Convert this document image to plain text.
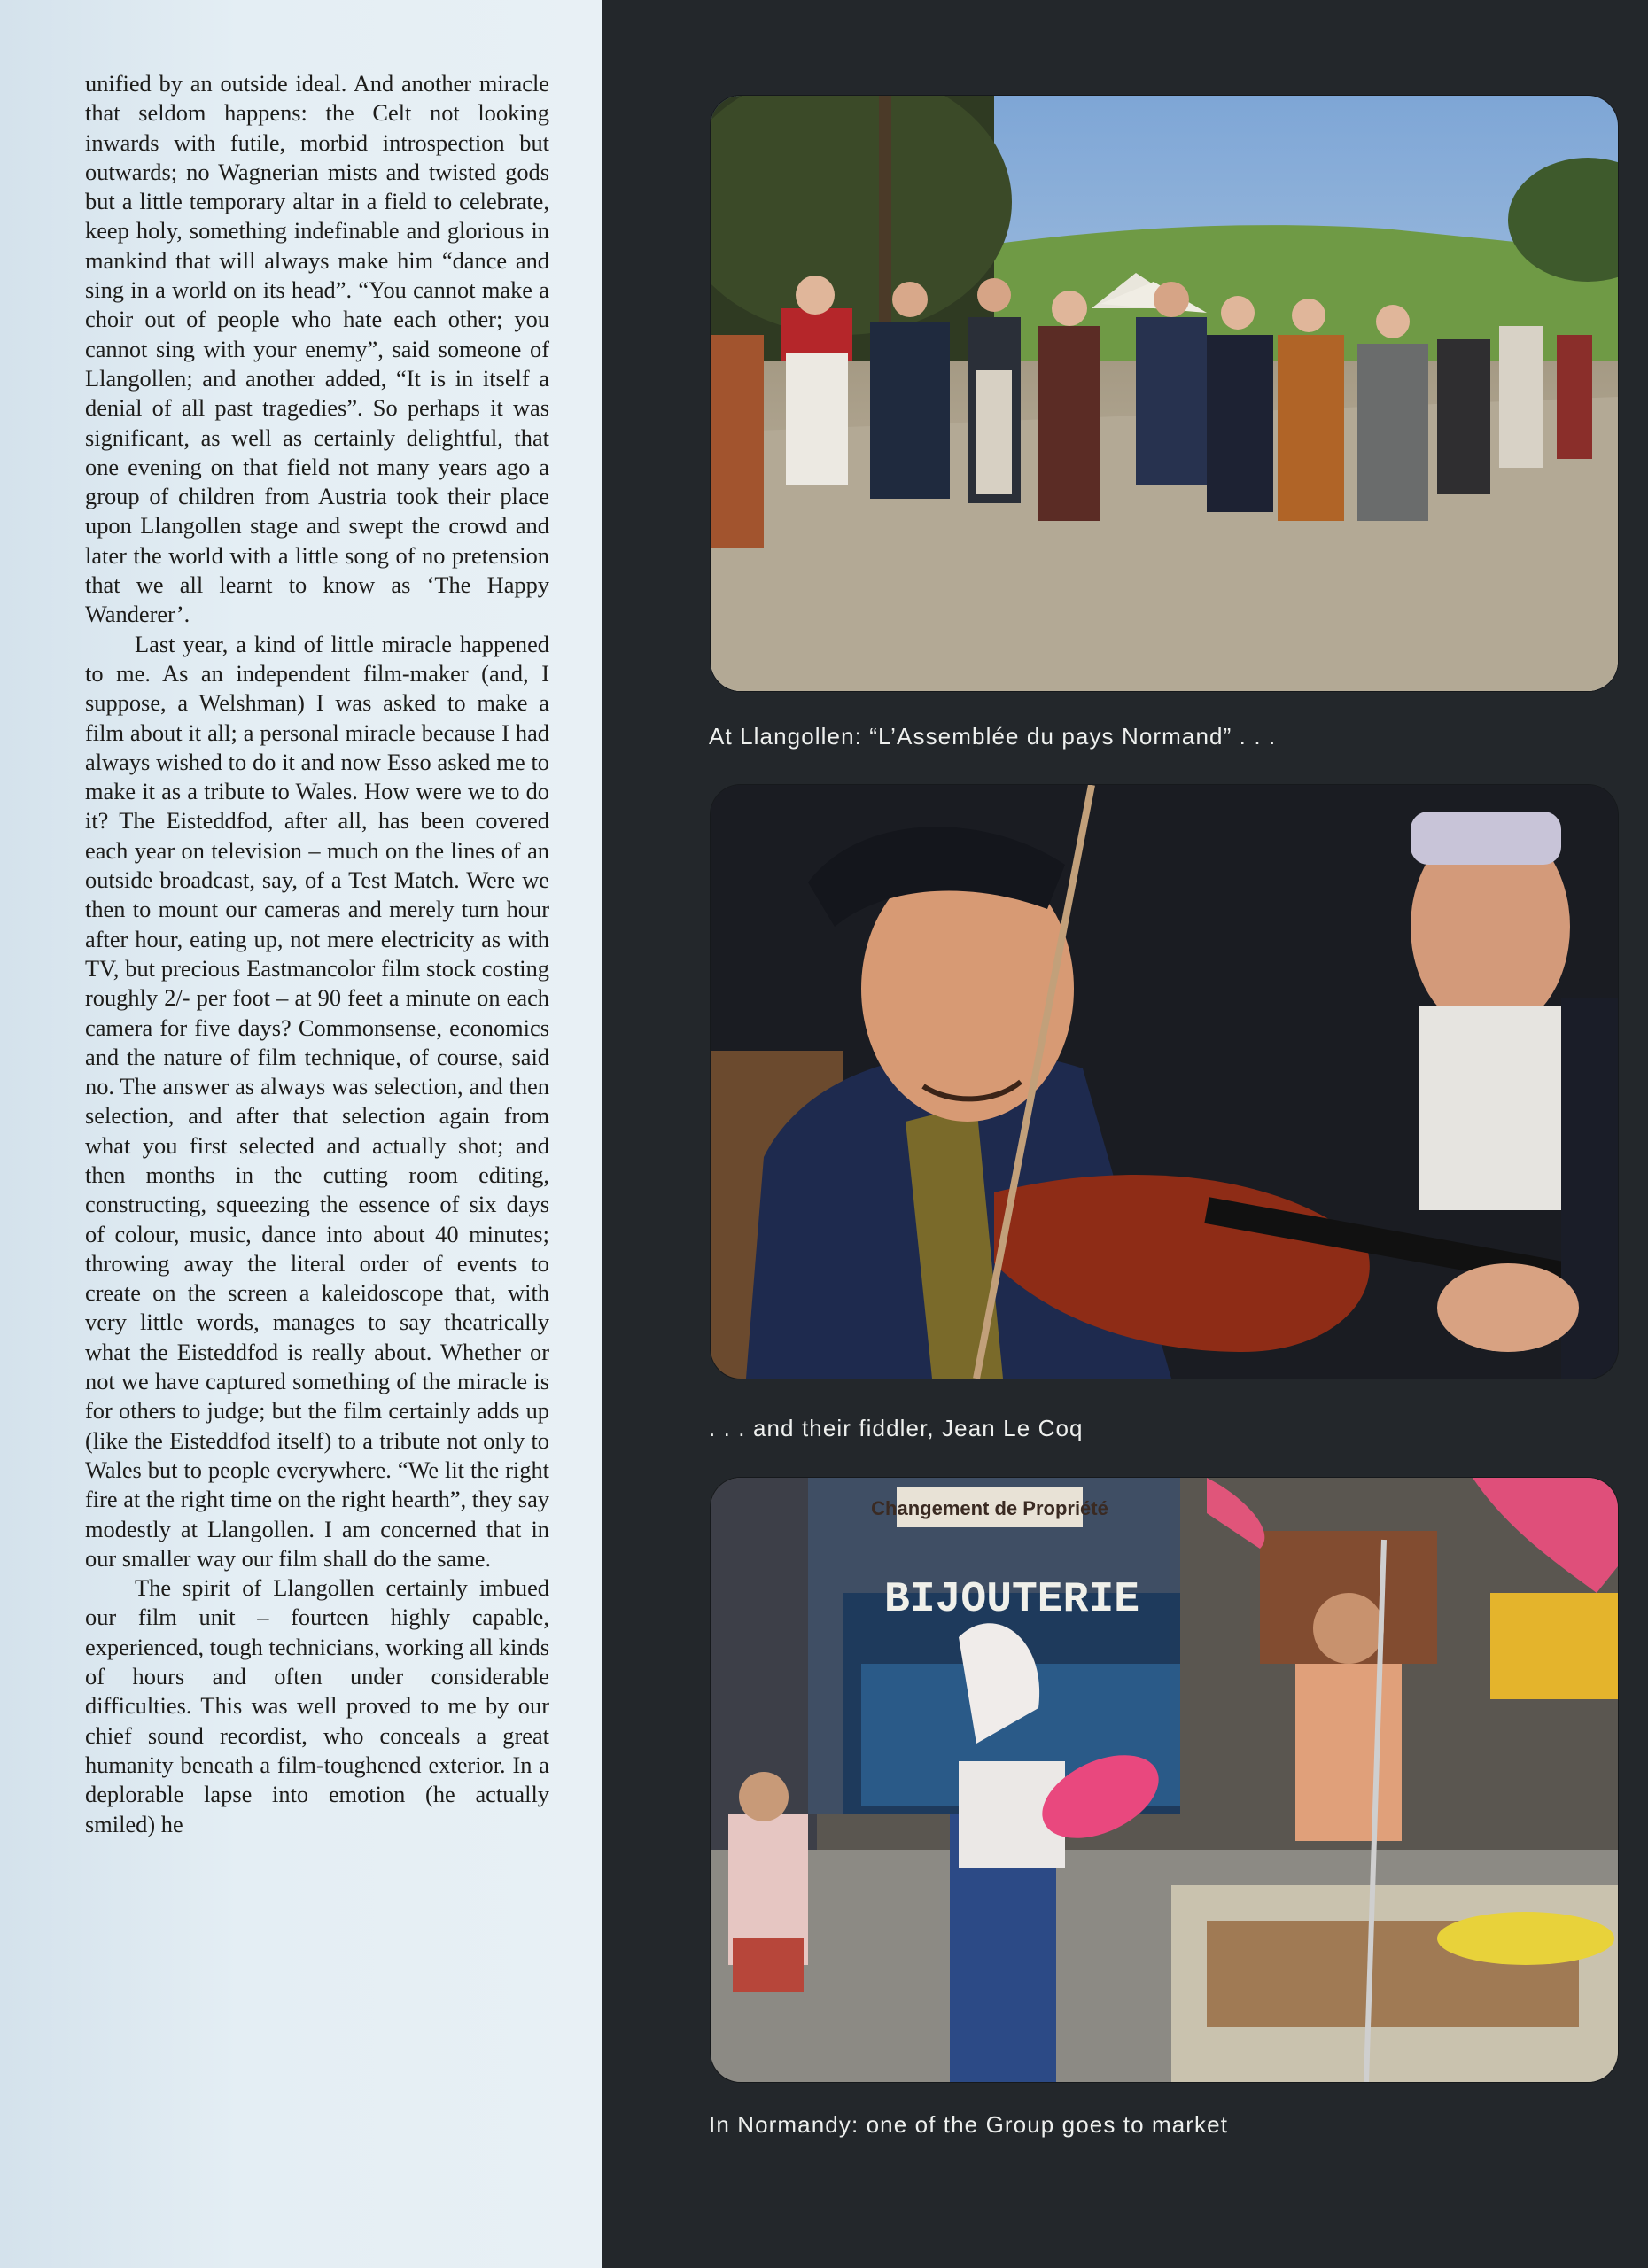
unified by an outside ideal. And another miracle that seldom happens: the Celt not looking inwards with futile, morbid introspection but outwards; no Wagnerian mists and twisted gods but a little temporary altar in a field to celebrate, keep holy, something indefinable and glorious in mankind that will always make him “dance and sing in a world on its head”. “You cannot make a choir out of people who hate each other; you cannot sing with your enemy”, said someone of Llangollen; and another added, “It is in itself a denial of all past tragedies”. So perhaps it was significant, as well as certainly delightful, that one evening on that field not many years ago a group of children from Austria took their place upon Llangollen stage and swept the crowd and later the world with a little song of no pretension that we all learnt to know as ‘The Happy Wanderer’.

Last year, a kind of little miracle happened to me. As an independent film-maker (and, I suppose, a Welshman) I was asked to make a film about it all; a personal miracle because I had always wished to do it and now Esso asked me to make it as a tribute to Wales. How were we to do it? The Eisteddfod, after all, has been covered each year on television – much on the lines of an outside broadcast, say, of a Test Match. Were we then to mount our cameras and merely turn hour after hour, eating up, not mere electricity as with TV, but precious Eastmancolor film stock costing roughly 2/- per foot – at 90 feet a minute on each camera for five days? Commonsense, economics and the nature of film technique, of course, said no. The answer as always was selection, and then selection, and after that selection again from what you first selected and actually shot; and then months in the cutting room editing, constructing, squeezing the essence of six days of colour, music, dance into about 40 minutes; throwing away the literal order of events to create on the screen a kaleidoscope that, with very little words, manages to say theatrically what the Eisteddfod is really about. Whether or not we have captured something of the miracle is for others to judge; but the film certainly adds up (like the Eisteddfod itself) to a tribute not only to Wales but to people everywhere. “We lit the right fire at the right time on the right hearth”, they say modestly at Llangollen. I am concerned that in our smaller way our film shall do the same.

The spirit of Llangollen certainly imbued our film unit – fourteen highly capable, experienced, tough technicians, working all kinds of hours and often under considerable difficulties. This was well proved to me by our chief sound recordist, who conceals a great humanity beneath a film-toughened exterior. In a deplorable lapse into emotion (he actually smiled) he

At Llangollen: “L’Assemblée du pays Normand” . . .
. . . and their fiddler, Jean Le Coq
Changement de Propriété
BIJOUTERIE
In Normandy: one of the Group goes to market
